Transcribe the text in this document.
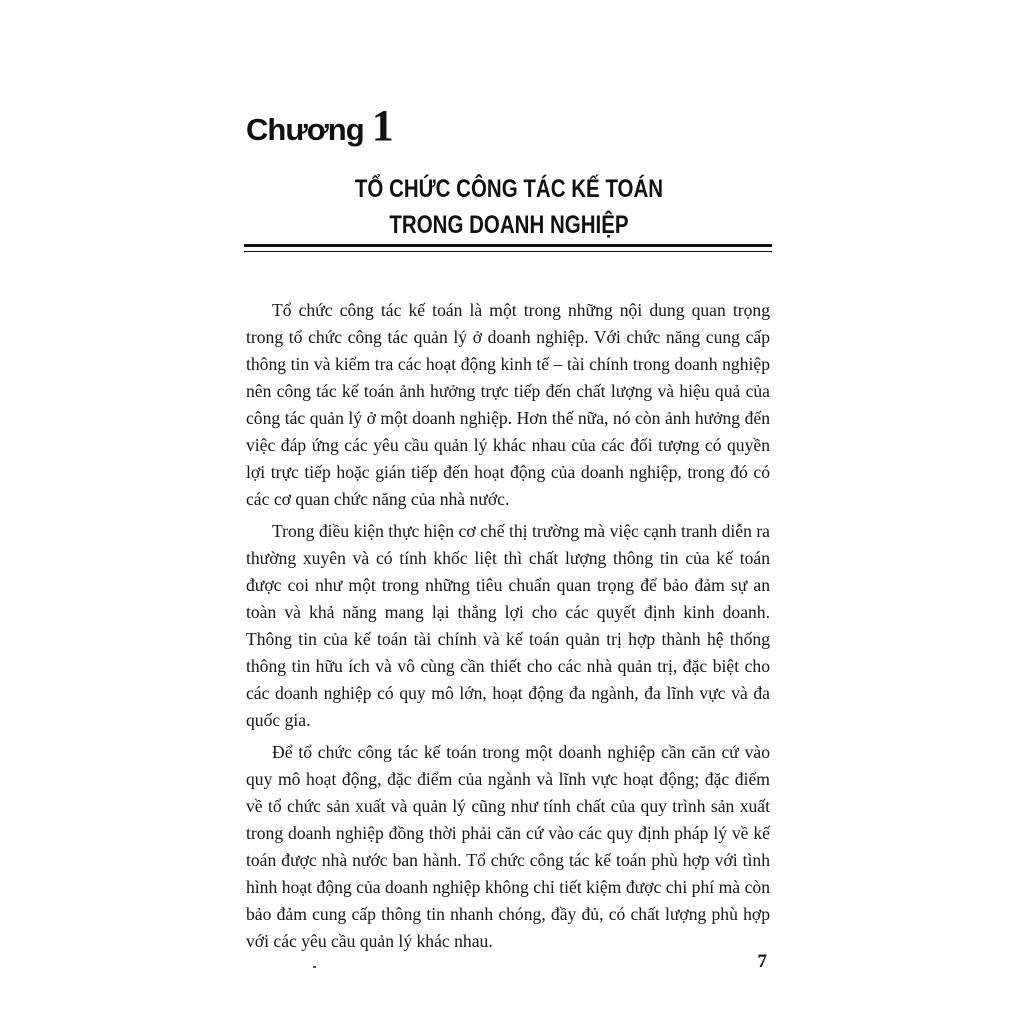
Chương 1
TỔ CHỨC CÔNG TÁC KẾ TOÁN
TRONG DOANH NGHIỆP

Tổ chức công tác kế toán là một trong những nội dung quan trọng trong tổ chức công tác quản lý ở doanh nghiệp. Với chức năng cung cấp thông tin và kiểm tra các hoạt động kinh tế – tài chính trong doanh nghiệp nên công tác kế toán ảnh hưởng trực tiếp đến chất lượng và hiệu quả của công tác quản lý ở một doanh nghiệp. Hơn thế nữa, nó còn ảnh hưởng đến việc đáp ứng các yêu cầu quản lý khác nhau của các đối tượng có quyền lợi trực tiếp hoặc gián tiếp đến hoạt động của doanh nghiệp, trong đó có các cơ quan chức năng của nhà nước.

Trong điều kiện thực hiện cơ chế thị trường mà việc cạnh tranh diễn ra thường xuyên và có tính khốc liệt thì chất lượng thông tin của kế toán được coi như một trong những tiêu chuẩn quan trọng để bảo đảm sự an toàn và khả năng mang lại thắng lợi cho các quyết định kinh doanh. Thông tin của kế toán tài chính và kế toán quản trị hợp thành hệ thống thông tin hữu ích và vô cùng cần thiết cho các nhà quản trị, đặc biệt cho các doanh nghiệp có quy mô lớn, hoạt động đa ngành, đa lĩnh vực và đa quốc gia.

Để tổ chức công tác kế toán trong một doanh nghiệp cần căn cứ vào quy mô hoạt động, đặc điểm của ngành và lĩnh vực hoạt động; đặc điểm về tổ chức sản xuất và quản lý cũng như tính chất của quy trình sản xuất trong doanh nghiệp đồng thời phải căn cứ vào các quy định pháp lý về kế toán được nhà nước ban hành. Tổ chức công tác kế toán phù hợp với tình hình hoạt động của doanh nghiệp không chỉ tiết kiệm được chi phí mà còn bảo đảm cung cấp thông tin nhanh chóng, đầy đủ, có chất lượng phù hợp với các yêu cầu quản lý khác nhau.

7
